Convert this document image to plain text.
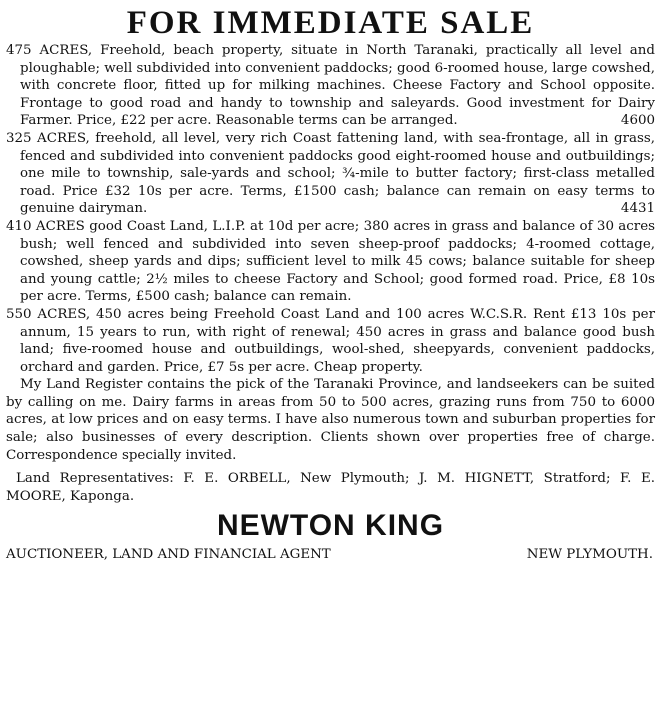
FOR IMMEDIATE SALE

475 ACRES, Freehold, beach property, situate in North Taranaki, practically all level and ploughable; well subdivided into convenient paddocks; good 6-roomed house, large cowshed, with concrete floor, fitted up for milking machines. Cheese Factory and School opposite. Frontage to good road and handy to township and saleyards. Good investment for Dairy Farmer. Price, £22 per acre. Reasonable terms can be arranged.	4600

325 ACRES, freehold, all level, very rich Coast fattening land, with sea-frontage, all in grass, fenced and subdivided into convenient paddocks good eight-roomed house and outbuildings; one mile to township, sale-yards and school; ¾-mile to butter factory; first-class metalled road. Price £32 10s per acre. Terms, £1500 cash; balance can remain on easy terms to genuine dairyman.	4431

410 ACRES good Coast Land, L.I.P. at 10d per acre; 380 acres in grass and balance of 30 acres bush; well fenced and subdivided into seven sheep-proof paddocks; 4-roomed cottage, cowshed, sheep yards and dips; sufficient level to milk 45 cows; balance suitable for sheep and young cattle; 2½ miles to cheese Factory and School; good formed road. Price, £8 10s per acre. Terms, £500 cash; balance can remain.

550 ACRES, 450 acres being Freehold Coast Land and 100 acres W.C.S.R. Rent £13 10s per annum, 15 years to run, with right of renewal; 450 acres in grass and balance good bush land; five-roomed house and outbuildings, wool-shed, sheepyards, convenient paddocks, orchard and garden. Price, £7 5s per acre. Cheap property.

My Land Register contains the pick of the Taranaki Province, and landseekers can be suited by calling on me. Dairy farms in areas from 50 to 500 acres, grazing runs from 750 to 6000 acres, at low prices and on easy terms. I have also numerous town and suburban properties for sale; also businesses of every description. Clients shown over properties free of charge. Correspondence specially invited.

Land Representatives: F. E. ORBELL, New Plymouth; J. M. HIGNETT, Stratford; F. E. MOORE, Kaponga.

NEWTON KING
AUCTIONEER, LAND AND FINANCIAL AGENT	NEW PLYMOUTH.
